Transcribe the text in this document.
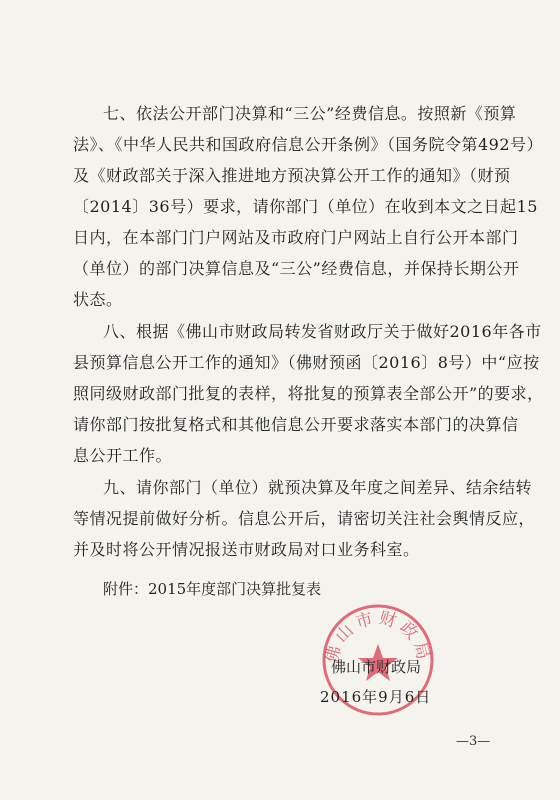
七、依法公开部门决算和“三公”经费信息。按照新《预算
法》、《中华人民共和国政府信息公开条例》（国务院令第492号）
及《财政部关于深入推进地方预决算公开工作的通知》（财预
〔2014〕36号）要求，请你部门（单位）在收到本文之日起15
日内，在本部门门户网站及市政府门户网站上自行公开本部门
（单位）的部门决算信息及“三公”经费信息，并保持长期公开
状态。
八、根据《佛山市财政局转发省财政厅关于做好2016年各市
县预算信息公开工作的通知》（佛财预函〔2016〕8号）中“应按
照同级财政部门批复的表样，将批复的预算表全部公开”的要求，
请你部门按批复格式和其他信息公开要求落实本部门的决算信
息公开工作。
九、请你部门（单位）就预决算及年度之间差异、结余结转
等情况提前做好分析。信息公开后，请密切关注社会舆情反应，
并及时将公开情况报送市财政局对口业务科室。
附件：2015年度部门决算批复表
佛山市财政局
佛山市财政局
2016年9月6日
—3—
